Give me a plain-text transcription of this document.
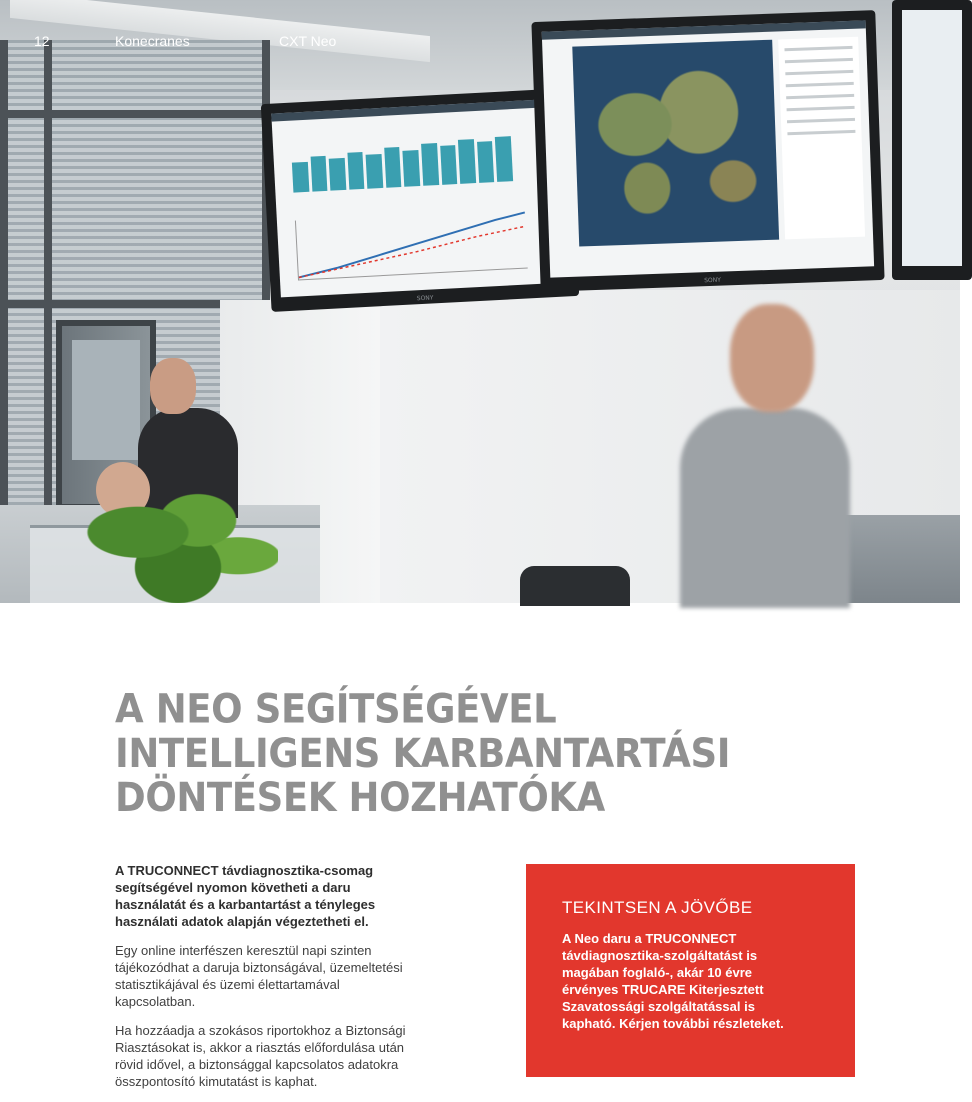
SONY
SONY
12	Konecranes	CXT Neo
A NEO SEGÍTSÉGÉVEL
INTELLIGENS KARBANTARTÁSI
DÖNTÉSEK HOZHATÓKA

A TRUCONNECT távdiagnosztika-csomag
segítségével nyomon követheti a daru
használatát és a karbantartást a tényleges
használati adatok alapján végeztetheti el.

Egy online interfészen keresztül napi szinten
tájékozódhat a daruja biztonságával, üzemeltetési
statisztikájával és üzemi élettartamával
kapcsolatban.

Ha hozzáadja a szokásos riportokhoz a Biztonsági
Riasztásokat is, akkor a riasztás előfordulása után
rövid idővel, a biztonsággal kapcsolatos adatokra
összpontosító kimutatást is kaphat.

TEKINTSEN A JÖVŐBE

A Neo daru a TRUCONNECT
távdiagnosztika-szolgáltatást is
magában foglaló-, akár 10 évre
érvényes TRUCARE Kiterjesztett
Szavatossági szolgáltatással is
kapható. Kérjen további részleteket.
